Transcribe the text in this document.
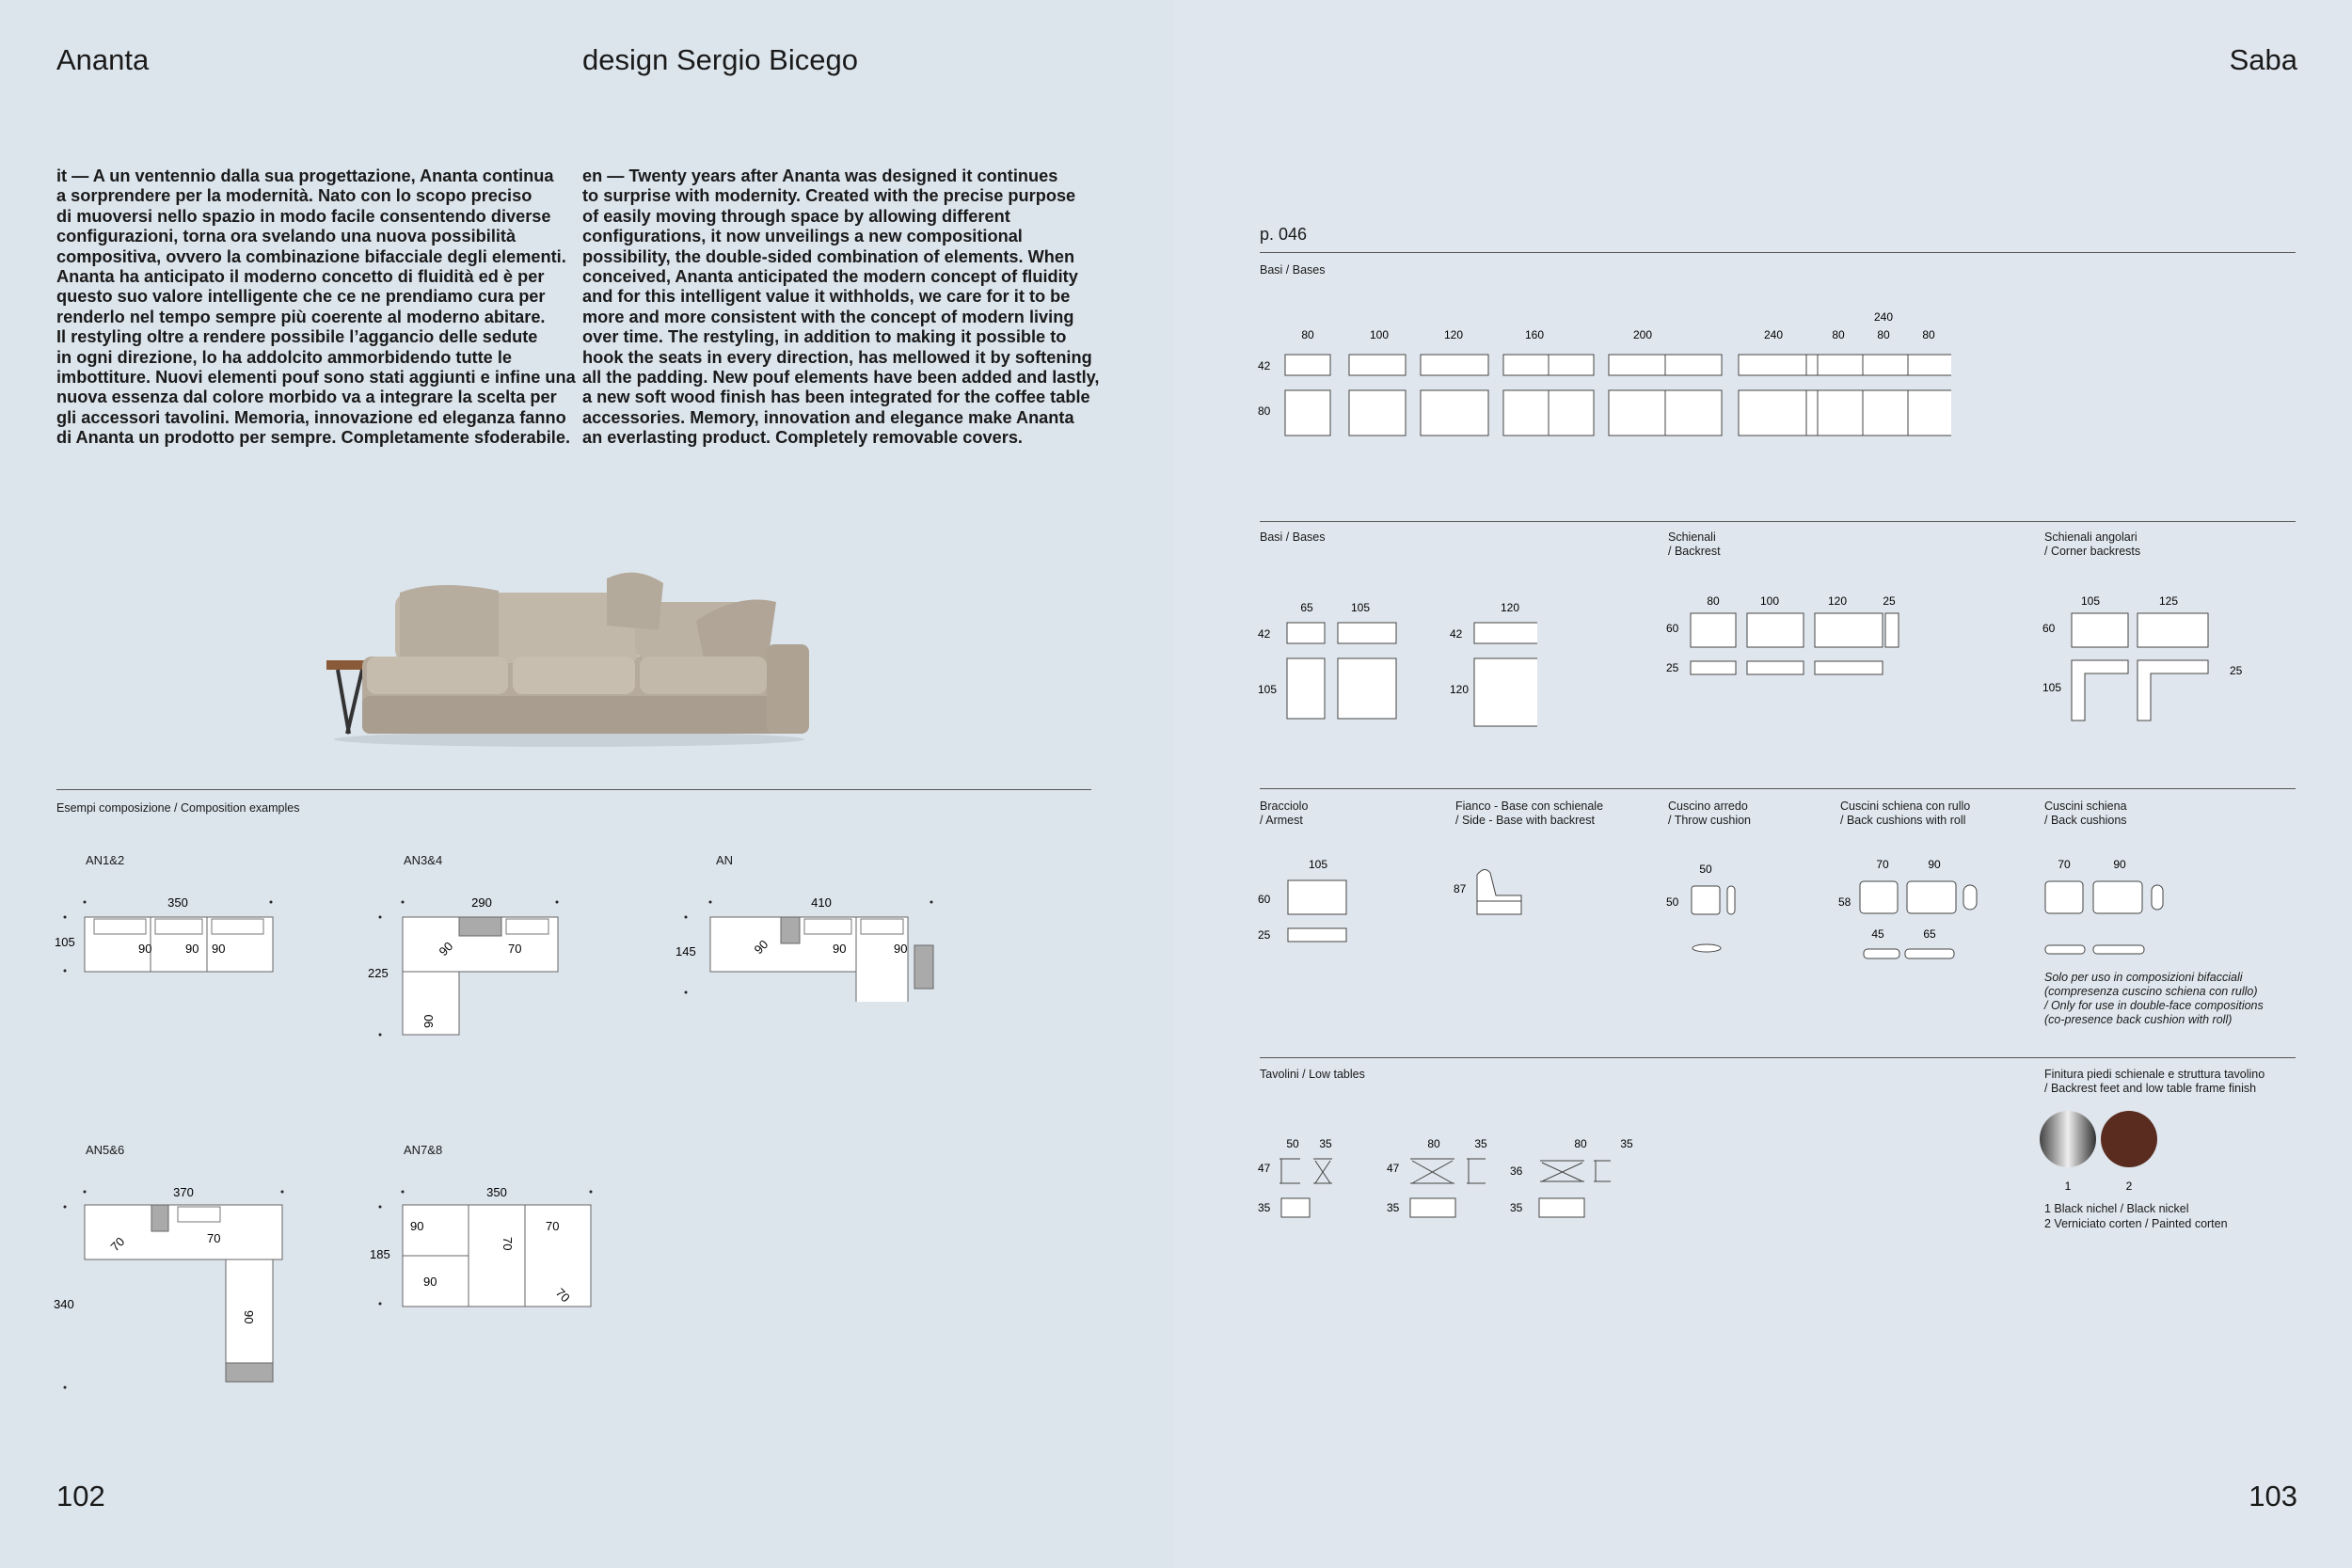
Ananta	design Sergio Bicego
it — A un ventennio dalla sua progettazione, Ananta continua
a sorprendere per la modernità. Nato con lo scopo preciso
di muoversi nello spazio in modo facile consentendo diverse
configurazioni, torna ora svelando una nuova possibilità
compositiva, ovvero la combinazione bifacciale degli elementi.
Ananta ha anticipato il moderno concetto di fluidità ed è per
questo suo valore intelligente che ce ne prendiamo cura per
renderlo nel tempo sempre più coerente al moderno abitare.
Il restyling oltre a rendere possibile l’aggancio delle sedute
in ogni direzione, lo ha addolcito ammorbidendo tutte le
imbottiture. Nuovi elementi pouf sono stati aggiunti e infine una
nuova essenza dal colore morbido va a integrare la scelta per
gli accessori tavolini. Memoria, innovazione ed eleganza fanno
di Ananta un prodotto per sempre. Completamente sfoderabile.
en — Twenty years after Ananta was designed it continues
to surprise with modernity. Created with the precise purpose
of easily moving through space by allowing different
configurations, it now unveilings a new compositional
possibility, the double-sided combination of elements. When
conceived, Ananta anticipated the modern concept of fluidity
and for this intelligent value it withholds, we care for it to be
more and more consistent with the concept of modern living
over time. The restyling, in addition to making it possible to
hook the seats in every direction, has mellowed it by softening
all the padding. New pouf elements have been added and lastly,
a new soft wood finish has been integrated for the coffee table
accessories. Memory, innovation and elegance make Ananta
an everlasting product. Completely removable covers.
Esempi composizione / Composition examples
AN1&2
350
105	90	90 90
AN3&4
290
225
90	70
90
AN
410
145	90	90	90
AN5&6
370
340
70	70
90
AN7&8
350
185
90
70
70
90
70
102
Saba
p. 046
Basi / Bases
80	100	120	160	200	240
240
80	80	80
42
80
Basi / Bases
65	105	120
42
105
42
120
Schienali
/ Backrest
80	100	120	25
60
25
Schienali angolari
/ Corner backrests
105	125
60
105
25
Bracciolo
/ Armest
105
60
25
Fianco - Base con schienale
/ Side - Base with backrest
87
Cuscino arredo
/ Throw cushion
50
50
Cuscini schiena con rullo
/ Back cushions with roll
70	90
58
45	65
Cuscini schiena
/ Back cushions
70	90
Solo per uso in composizioni bifacciali
(compresenza cuscino schiena con rullo)
/ Only for use in double-face compositions
(co-presence back cushion with roll)
Tavolini / Low tables
50 35	80	35	80	35
47
35
47
35
36
35
Finitura piedi schienale e struttura tavolino
/ Backrest feet and low table frame finish
1	2
1 Black nichel / Black nickel
2 Verniciato corten / Painted corten
103
